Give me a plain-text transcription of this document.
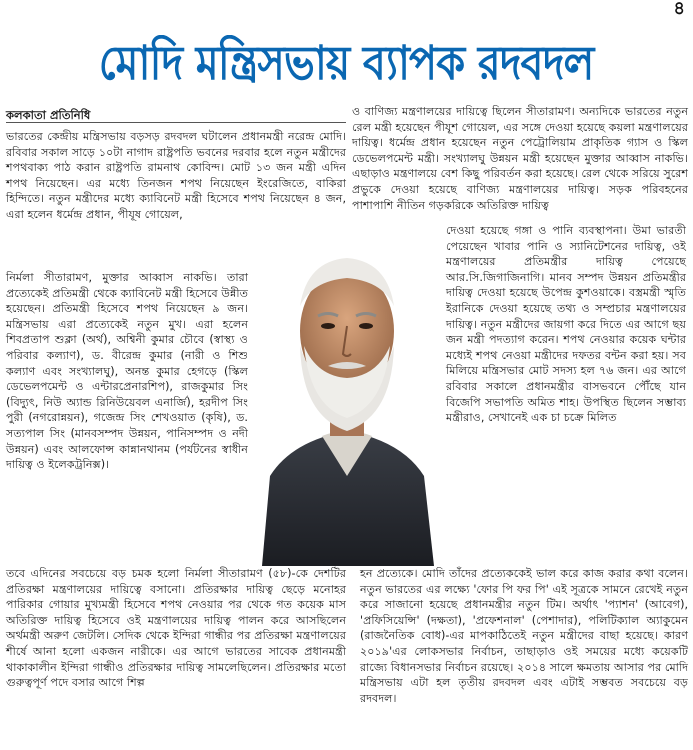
৪
মোদি মন্ত্রিসভায় ব্যাপক রদবদল
কলকাতা প্রতিনিধি

ভারতের কেন্দ্রীয় মন্ত্রিসভায় বড়সড় রদবদল ঘটালেন প্রধানমন্ত্রী নরেন্দ্র মোদি। রবিবার সকাল সাড়ে ১০টা নাগাদ রাষ্ট্রপতি ভবনের দরবার হলে নতুন মন্ত্রীদের শপথবাক্য পাঠ করান রাষ্ট্রপতি রামনাথ কোবিন্দ। মোট ১৩ জন মন্ত্রী এদিন শপথ নিয়েছেন। এর মধ্যে তিনজন শপথ নিয়েছেন ইংরেজিতে, বাকিরা হিন্দিতে। নতুন মন্ত্রীদের মধ্যে ক্যাবিনেট মন্ত্রী হিসেবে শপথ নিয়েছেন ৪ জন, এরা হলেন ধর্মেন্দ্র প্রধান, পীযূষ গোয়েল,

নির্মলা সীতারামণ, মুক্তার আব্বাস নাকভি। তারা প্রত্যেকেই প্রতিমন্ত্রী থেকে ক্যাবিনেট মন্ত্রী হিসেবে উন্নীত হয়েছেন। প্রতিমন্ত্রী হিসেবে শপথ নিয়েছেন ৯ জন। মন্ত্রিসভায় এরা প্রত্যেকেই নতুন মুখ। এরা হলেন শিবপ্রতাপ শুক্লা (অর্থ), অশ্বিনী কুমার চৌবে (স্বাস্থ্য ও পরিবার কল্যাণ), ড. বীরেন্দ্র কুমার (নারী ও শিশু কল্যাণ এবং সংখ্যালঘু), অনন্ত কুমার হেগড়ে (স্কিল ডেভেলপমেন্ট ও এন্টারপ্রেনারশিপ), রাজকুমার সিং (বিদ্যুৎ, নিউ অ্যান্ড রিনিউয়েবল এনার্জি), হরদীপ সিং পুরী (নগরোন্নয়ন), গজেন্দ্র সিং শেখওয়াত (কৃষি), ড. সত্যপাল সিং (মানবসম্পদ উন্নয়ন, পানিসম্পদ ও নদী উন্নয়ন) এবং আলফোন্স কান্নানথানম (পর্যটনের স্বাধীন দায়িত্ব ও ইলেকট্রনিক্স)।

ও বাণিজ্য মন্ত্রণালয়ের দায়িত্বে ছিলেন সীতারামণ। অন্যদিকে ভারতের নতুন রেল মন্ত্রী হয়েছেন পীযূশ গোয়েল, এর সঙ্গে দেওয়া হয়েছে কয়লা মন্ত্রণালয়ের দায়িত্ব। ধর্মেন্দ্র প্রধান হয়েছেন নতুন পেট্রোলিয়াম প্রাকৃতিক গ্যাস ও স্কিল ডেভেলপমেন্ট মন্ত্রী। সংখ্যালঘু উন্নয়ন মন্ত্রী হয়েছেন মুক্তার আব্বাস নাকভি। এছাড়াও মন্ত্রণালয়ে বেশ কিছু পরিবর্তন করা হয়েছে। রেল থেকে সরিয়ে সুরেশ প্রভুকে দেওয়া হয়েছে বাণিজ্য মন্ত্রণালয়ের দায়িত্ব। সড়ক পরিবহনের পাশাপাশি নীতিন গড়করিকে অতিরিক্ত দায়িত্ব

দেওয়া হয়েছে গঙ্গা ও পানি ব্যবস্থাপনা। উমা ভারতী পেয়েছেন খাবার পানি ও স্যানিটেশনের দায়িত্ব, ওই মন্ত্রণালয়ের প্রতিমন্ত্রীর দায়িত্ব পেয়েছে আর.সি.জিগাজিনাগি। মানব সম্পদ উন্নয়ন প্রতিমন্ত্রীর দায়িত্ব দেওয়া হয়েছে উপেন্দ্র কুশওয়াকে। বস্ত্রমন্ত্রী স্মৃতি ইরানিকে দেওয়া হয়েছে তথ্য ও সম্প্রচার মন্ত্রণালয়ের দায়িত্ব। নতুন মন্ত্রীদের জায়গা করে দিতে এর আগে ছয় জন মন্ত্রী পদত্যাগ করেন। শপথ নেওয়ার কয়েক ঘন্টার মধ্যেই শপথ নেওয়া মন্ত্রীদের দফতর বন্টন করা হয়। সব মিলিয়ে মন্ত্রিসভার মোট সদস্য হল ৭৬ জন। এর আগে রবিবার সকালে প্রধানমন্ত্রীর বাসভবনে পৌঁছে যান বিজেপি সভাপতি অমিত শাহ। উপস্থিত ছিলেন সম্ভাব্য মন্ত্রীরাও, সেখানেই এক চা চক্রে মিলিত

তবে এদিনের সবচেয়ে বড় চমক হলো নির্মলা সীতারামণ (৫৮)-কে দেশটির প্রতিরক্ষা মন্ত্রণালয়ের দায়িত্বে বসানো। প্রতিরক্ষার দায়িত্ব ছেড়ে মনোহর পারিকার গোয়ার মুখ্যমন্ত্রী হিসেবে শপথ নেওয়ার পর থেকে গত কয়েক মাস অতিরিক্ত দায়িত্ব হিসেবে ওই মন্ত্রণালয়ের দায়িত্ব পালন করে আসছিলেন অর্থমন্ত্রী অরুণ জেটলি। সেদিক থেকে ইন্দিরা গান্ধীর পর প্রতিরক্ষা মন্ত্রণালয়ের শীর্ষে আনা হলো একজন নারীকে। এর আগে ভারতের সাবেক প্রধানমন্ত্রী থাকাকালীন ইন্দিরা গান্ধীও প্রতিরক্ষার দায়িত্ব সামলেছিলেন। প্রতিরক্ষার মতো গুরুত্বপূর্ণ পদে বসার আগে শিল্প

হন প্রত্যেকে। মোদি তাঁদের প্রত্যেককেই ভাল করে কাজ করার কথা বলেন। নতুন ভারতের এর লক্ষ্যে 'ফোর পি ফর পি' এই সূত্রকে সামনে রেখেই নতুন করে সাজানো হয়েছে প্রধানমন্ত্রীর নতুন টিম। অর্থাৎ 'প্যাশন' (আবেগ), 'প্রফিসিয়েন্সি' (দক্ষতা), 'প্রফেশনাল' (পেশাদার), পলিটিক্যাল অ্যাকুমেন (রাজনৈতিক বোধ)-এর মাপকাঠিতেই নতুন মন্ত্রীদের বাছা হয়েছে। কারণ ২০১৯'এর লোকসভার নির্বাচন, তাছাড়াও ওই সময়ের মধ্যে কয়েকটি রাজ্যে বিধানসভার নির্বাচন রয়েছে। ২০১৪ সালে ক্ষমতায় আসার পর মোদি মন্ত্রিসভায় এটা হল তৃতীয় রদবদল এবং এটাই সম্ভবত সবচেয়ে বড় রদবদল।
